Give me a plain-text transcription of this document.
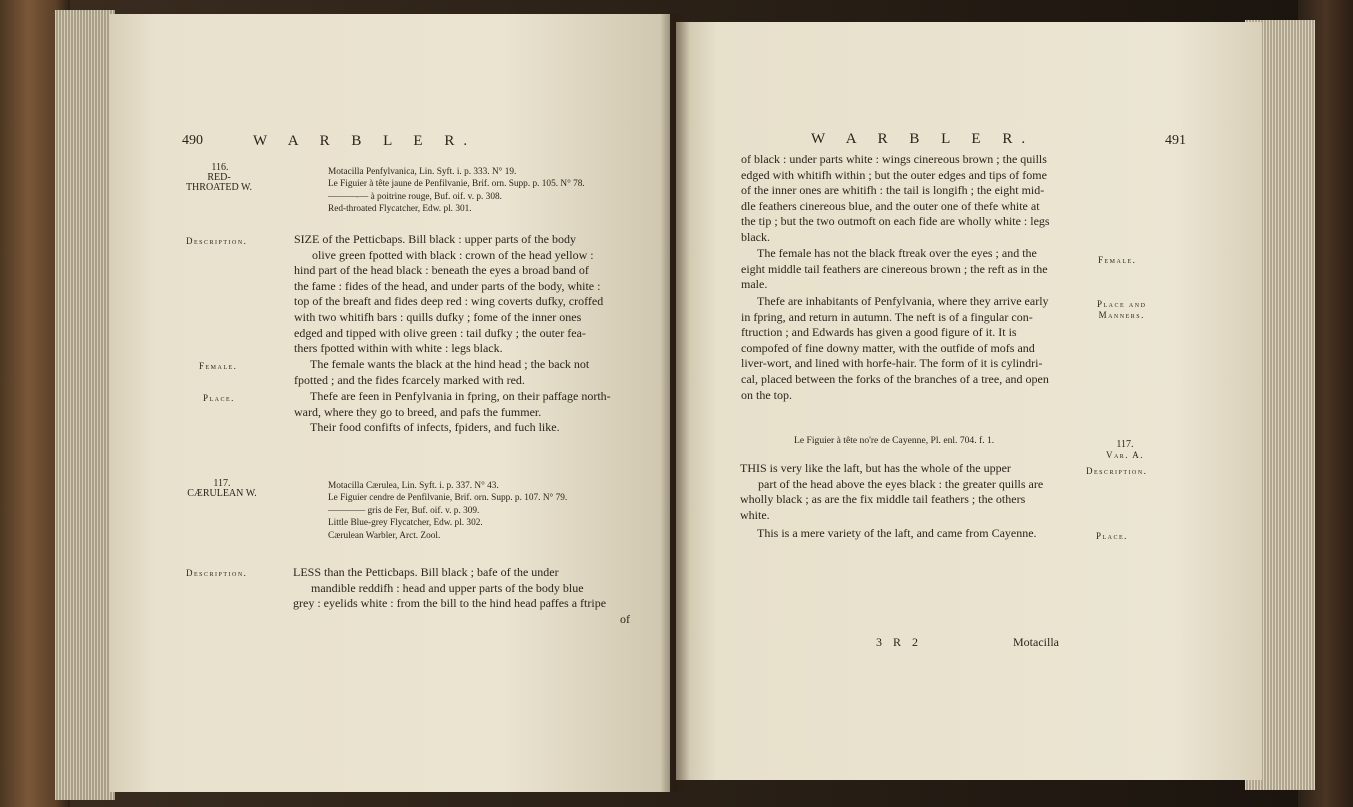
490	W A R B L E R.
116.
RED-
THROATED W.
Motacilla Penfylvanica, Lin. Syft. i. p. 333. N° 19.
Le Figuier à tête jaune de Penfilvanie, Brif. orn. Supp. p. 105. N° 78.
———-— à poitrine rouge, Buf. oif. v. p. 308.
Red-throated Flycatcher, Edw. pl. 301.
Description.	SIZE of the Petticbaps. Bill black : upper parts of the body

olive green fpotted with black : crown of the head yellow :

hind part of the head black : beneath the eyes a broad band of

the fame : fides of the head, and under parts of the body, white :

top of the breaft and fides deep red : wing coverts dufky, croffed

with two whitifh bars : quills dufky ; fome of the inner ones

edged and tipped with olive green : tail dufky ; the outer fea-

thers fpotted within with white : legs black.

Female.	The female wants the black at the hind head ; the back not

fpotted ; and the fides fcarcely marked with red.

Place.	Thefe are feen in Penfylvania in fpring, on their paffage north-

ward, where they go to breed, and pafs the fummer.

Their food confifts of infects, fpiders, and fuch like.

117.
CÆRULEAN W.
Motacilla Cærulea, Lin. Syft. i. p. 337. N° 43.
Le Figuier cendre de Penfilvanie, Brif. orn. Supp. p. 107. N° 79.
———— gris de Fer, Buf. oif. v. p. 309.
Little Blue-grey Flycatcher, Edw. pl. 302.
Cærulean Warbler, Arct. Zool.
Description.	LESS than the Petticbaps. Bill black ; bafe of the under

mandible reddifh : head and upper parts of the body blue

grey : eyelids white : from the bill to the hind head paffes a ftripe

of
W A R B L E R.	491

of black : under parts white : wings cinereous brown ; the quills

edged with whitifh within ; but the outer edges and tips of fome

of the inner ones are whitifh : the tail is longifh ; the eight mid-

dle feathers cinereous blue, and the outer one of thefe white at

the tip ; but the two outmoft on each fide are wholly white : legs

black.

Female.

The female has not the black ftreak over the eyes ; and the

eight middle tail feathers are cinereous brown ; the reft as in the

male.

Place and
Manners.

Thefe are inhabitants of Penfylvania, where they arrive early

in fpring, and return in autumn. The neft is of a fingular con-

ftruction ; and Edwards has given a good figure of it. It is

compofed of fine downy matter, with the outfide of mofs and

liver-wort, and lined with horfe-hair. The form of it is cylindri-

cal, placed between the forks of the branches of a tree, and open

on the top.

Le Figuier à tête no're de Cayenne, Pl. enl. 704. f. 1.	117.
Var. A.
Description.

THIS is very like the laft, but has the whole of the upper

part of the head above the eyes black : the greater quills are

wholly black ; as are the fix middle tail feathers ; the others

white.

Place.
This is a mere variety of the laft, and came from Cayenne.
3 R 2	Motacilla
